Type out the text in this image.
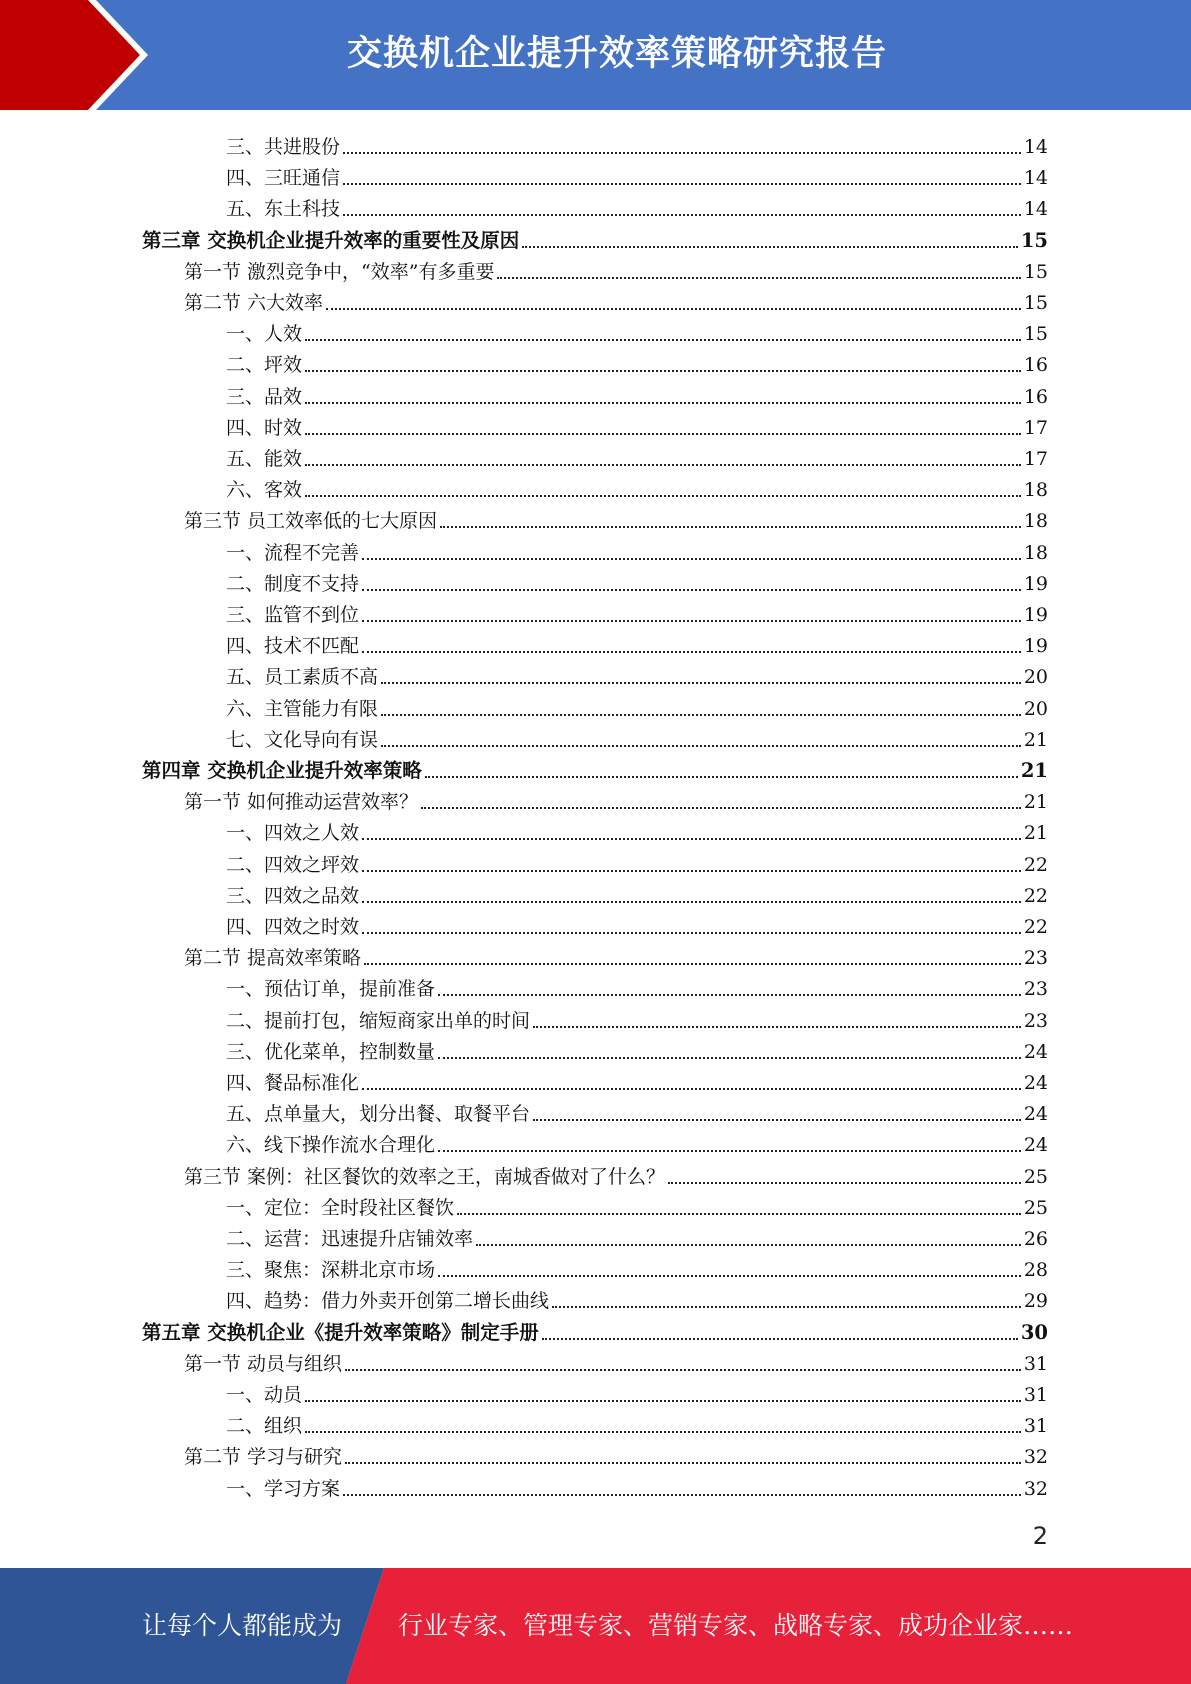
交换机企业提升效率策略研究报告
三、共进股份	14
四、三旺通信	14
五、东土科技	14
第三章 交换机企业提升效率的重要性及原因	15
第一节 激烈竞争中，“效率”有多重要	15
第二节 六大效率	15
一、人效	15
二、坪效	16
三、品效	16
四、时效	17
五、能效	17
六、客效	18
第三节 员工效率低的七大原因	18
一、流程不完善	18
二、制度不支持	19
三、监管不到位	19
四、技术不匹配	19
五、员工素质不高	20
六、主管能力有限	20
七、文化导向有误	21
第四章 交换机企业提升效率策略	21
第一节 如何推动运营效率？	21
一、四效之人效	21
二、四效之坪效	22
三、四效之品效	22
四、四效之时效	22
第二节 提高效率策略	23
一、预估订单，提前准备	23
二、提前打包，缩短商家出单的时间	23
三、优化菜单，控制数量	24
四、餐品标准化	24
五、点单量大，划分出餐、取餐平台	24
六、线下操作流水合理化	24
第三节 案例：社区餐饮的效率之王，南城香做对了什么？	25
一、定位：全时段社区餐饮	25
二、运营：迅速提升店铺效率	26
三、聚焦：深耕北京市场	28
四、趋势：借力外卖开创第二增长曲线	29
第五章 交换机企业《提升效率策略》制定手册	30
第一节 动员与组织	31
一、动员	31
二、组织	31
第二节 学习与研究	32
一、学习方案	32
2
让每个人都能成为 行业专家、管理专家、营销专家、战略专家、成功企业家……
